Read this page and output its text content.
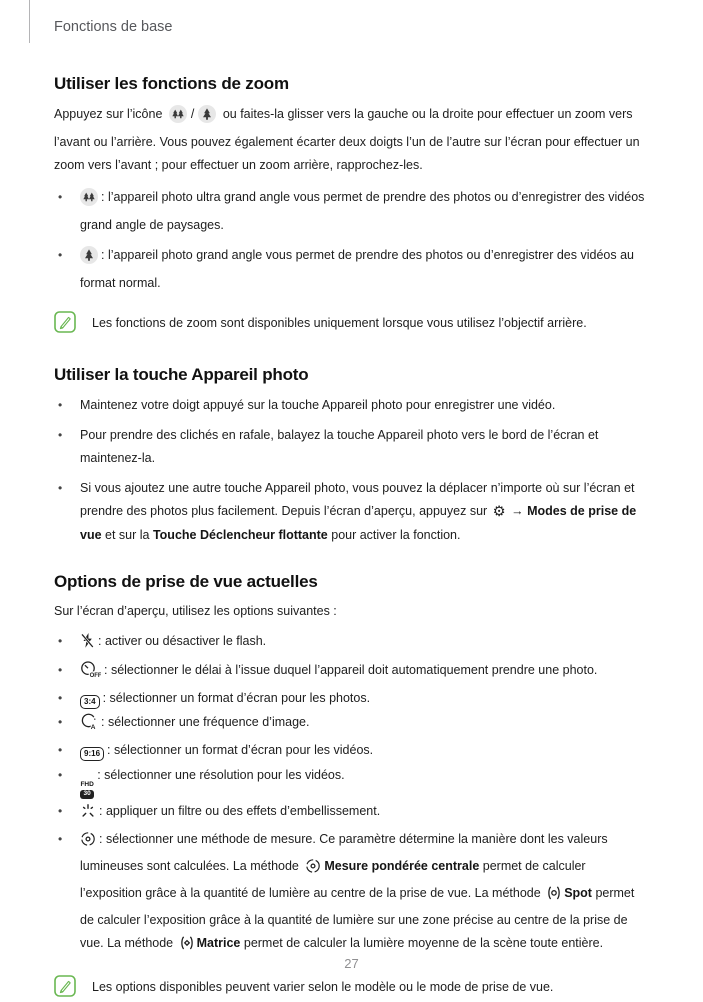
Fonctions de base
Utiliser les fonctions de zoom

Appuyez sur l’icône / ou faites-la glisser vers la gauche ou la droite pour effectuer un zoom vers l’avant ou l’arrière. Vous pouvez également écarter deux doigts l’un de l’autre sur l’écran pour effectuer un zoom vers l’avant ; pour effectuer un zoom arrière, rapprochez-les.

• : l’appareil photo ultra grand angle vous permet de prendre des photos ou d’enregistrer des vidéos grand angle de paysages.
• : l’appareil photo grand angle vous permet de prendre des photos ou d’enregistrer des vidéos au format normal.
Les fonctions de zoom sont disponibles uniquement lorsque vous utilisez l’objectif arrière.
Utiliser la touche Appareil photo
• Maintenez votre doigt appuyé sur la touche Appareil photo pour enregistrer une vidéo.
• Pour prendre des clichés en rafale, balayez la touche Appareil photo vers le bord de l’écran et maintenez-la.
• Si vous ajoutez une autre touche Appareil photo, vous pouvez la déplacer n’importe où sur l’écran et prendre des photos plus facilement. Depuis l’écran d’aperçu, appuyez sur ⚙ → Modes de prise de vue et sur la Touche Déclencheur flottante pour activer la fonction.
Options de prise de vue actuelles

Sur l’écran d’aperçu, utilisez les options suivantes :

• : activer ou désactiver le flash.
• OFF : sélectionner le délai à l’issue duquel l’appareil doit automatiquement prendre une photo.
• 3:4 : sélectionner un format d’écran pour les photos.
• A : sélectionner une fréquence d’image.
• 9:16 : sélectionner un format d’écran pour les vidéos.
• FHD
30
: sélectionner une résolution pour les vidéos.
• : appliquer un filtre ou des effets d’embellissement.
• : sélectionner une méthode de mesure. Ce paramètre détermine la manière dont les valeurs lumineuses sont calculées. La méthode Mesure pondérée centrale permet de calculer l’exposition grâce à la quantité de lumière au centre de la prise de vue. La méthode Spot permet de calculer l’exposition grâce à la quantité de lumière sur une zone précise au centre de la prise de vue. La méthode Matrice permet de calculer la lumière moyenne de la scène toute entière.
Les options disponibles peuvent varier selon le modèle ou le mode de prise de vue.
27
